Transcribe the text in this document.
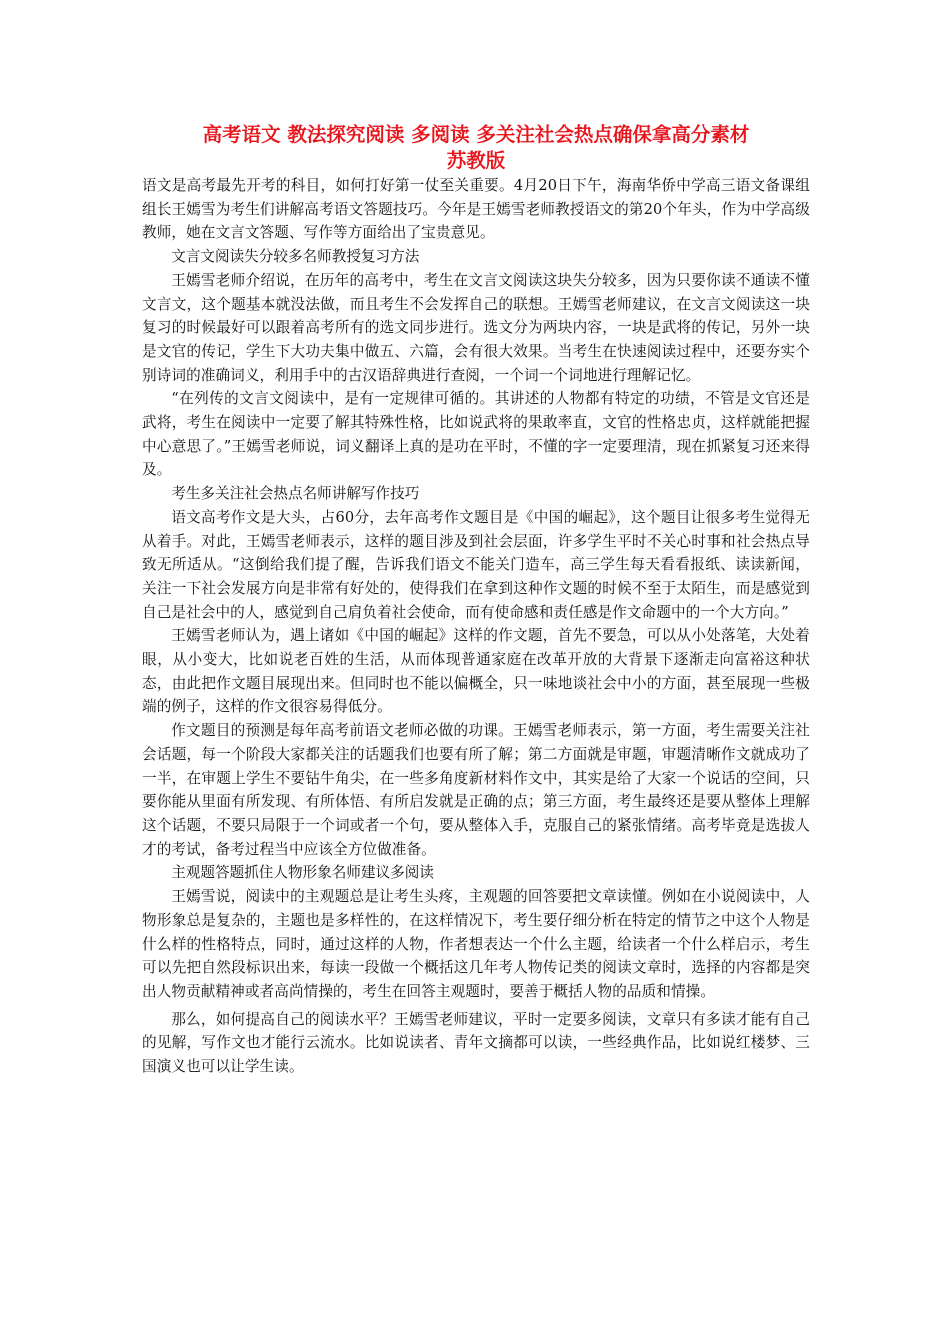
高考语文 教法探究阅读 多阅读 多关注社会热点确保拿高分素材
苏教版

语文是高考最先开考的科目，如何打好第一仗至关重要。4月20日下午，海南华侨中学高三语文备课组组长王嫣雪为考生们讲解高考语文答题技巧。今年是王嫣雪老师教授语文的第20个年头，作为中学高级教师，她在文言文答题、写作等方面给出了宝贵意见。

文言文阅读失分较多名师教授复习方法

王嫣雪老师介绍说，在历年的高考中，考生在文言文阅读这块失分较多，因为只要你读不通读不懂文言文，这个题基本就没法做，而且考生不会发挥自己的联想。王嫣雪老师建议，在文言文阅读这一块复习的时候最好可以跟着高考所有的选文同步进行。选文分为两块内容，一块是武将的传记，另外一块是文官的传记，学生下大功夫集中做五、六篇，会有很大效果。当考生在快速阅读过程中，还要夯实个别诗词的准确词义，利用手中的古汉语辞典进行查阅，一个词一个词地进行理解记忆。

“在列传的文言文阅读中，是有一定规律可循的。其讲述的人物都有特定的功绩，不管是文官还是武将，考生在阅读中一定要了解其特殊性格，比如说武将的果敢率直，文官的性格忠贞，这样就能把握中心意思了。”王嫣雪老师说，词义翻译上真的是功在平时，不懂的字一定要理清，现在抓紧复习还来得及。

考生多关注社会热点名师讲解写作技巧

语文高考作文是大头，占60分，去年高考作文题目是《中国的崛起》，这个题目让很多考生觉得无从着手。对此，王嫣雪老师表示，这样的题目涉及到社会层面，许多学生平时不关心时事和社会热点导致无所适从。“这倒给我们提了醒，告诉我们语文不能关门造车，高三学生每天看看报纸、读读新闻，关注一下社会发展方向是非常有好处的，使得我们在拿到这种作文题的时候不至于太陌生，而是感觉到自己是社会中的人，感觉到自己肩负着社会使命，而有使命感和责任感是作文命题中的一个大方向。”

王嫣雪老师认为，遇上诸如《中国的崛起》这样的作文题，首先不要急，可以从小处落笔，大处着眼，从小变大，比如说老百姓的生活，从而体现普通家庭在改革开放的大背景下逐渐走向富裕这种状态，由此把作文题目展现出来。但同时也不能以偏概全，只一味地谈社会中小的方面，甚至展现一些极端的例子，这样的作文很容易得低分。

作文题目的预测是每年高考前语文老师必做的功课。王嫣雪老师表示，第一方面，考生需要关注社会话题，每一个阶段大家都关注的话题我们也要有所了解；第二方面就是审题，审题清晰作文就成功了一半，在审题上学生不要钻牛角尖，在一些多角度新材料作文中，其实是给了大家一个说话的空间，只要你能从里面有所发现、有所体悟、有所启发就是正确的点；第三方面，考生最终还是要从整体上理解这个话题，不要只局限于一个词或者一个句，要从整体入手，克服自己的紧张情绪。高考毕竟是选拔人才的考试，备考过程当中应该全方位做准备。

主观题答题抓住人物形象名师建议多阅读

王嫣雪说，阅读中的主观题总是让考生头疼，主观题的回答要把文章读懂。例如在小说阅读中，人物形象总是复杂的，主题也是多样性的，在这样情况下，考生要仔细分析在特定的情节之中这个人物是什么样的性格特点，同时，通过这样的人物，作者想表达一个什么主题，给读者一个什么样启示，考生可以先把自然段标识出来，每读一段做一个概括这几年考人物传记类的阅读文章时，选择的内容都是突出人物贡献精神或者高尚情操的，考生在回答主观题时，要善于概括人物的品质和情操。

那么，如何提高自己的阅读水平？王嫣雪老师建议，平时一定要多阅读，文章只有多读才能有自己的见解，写作文也才能行云流水。比如说读者、青年文摘都可以读，一些经典作品，比如说红楼梦、三国演义也可以让学生读。
